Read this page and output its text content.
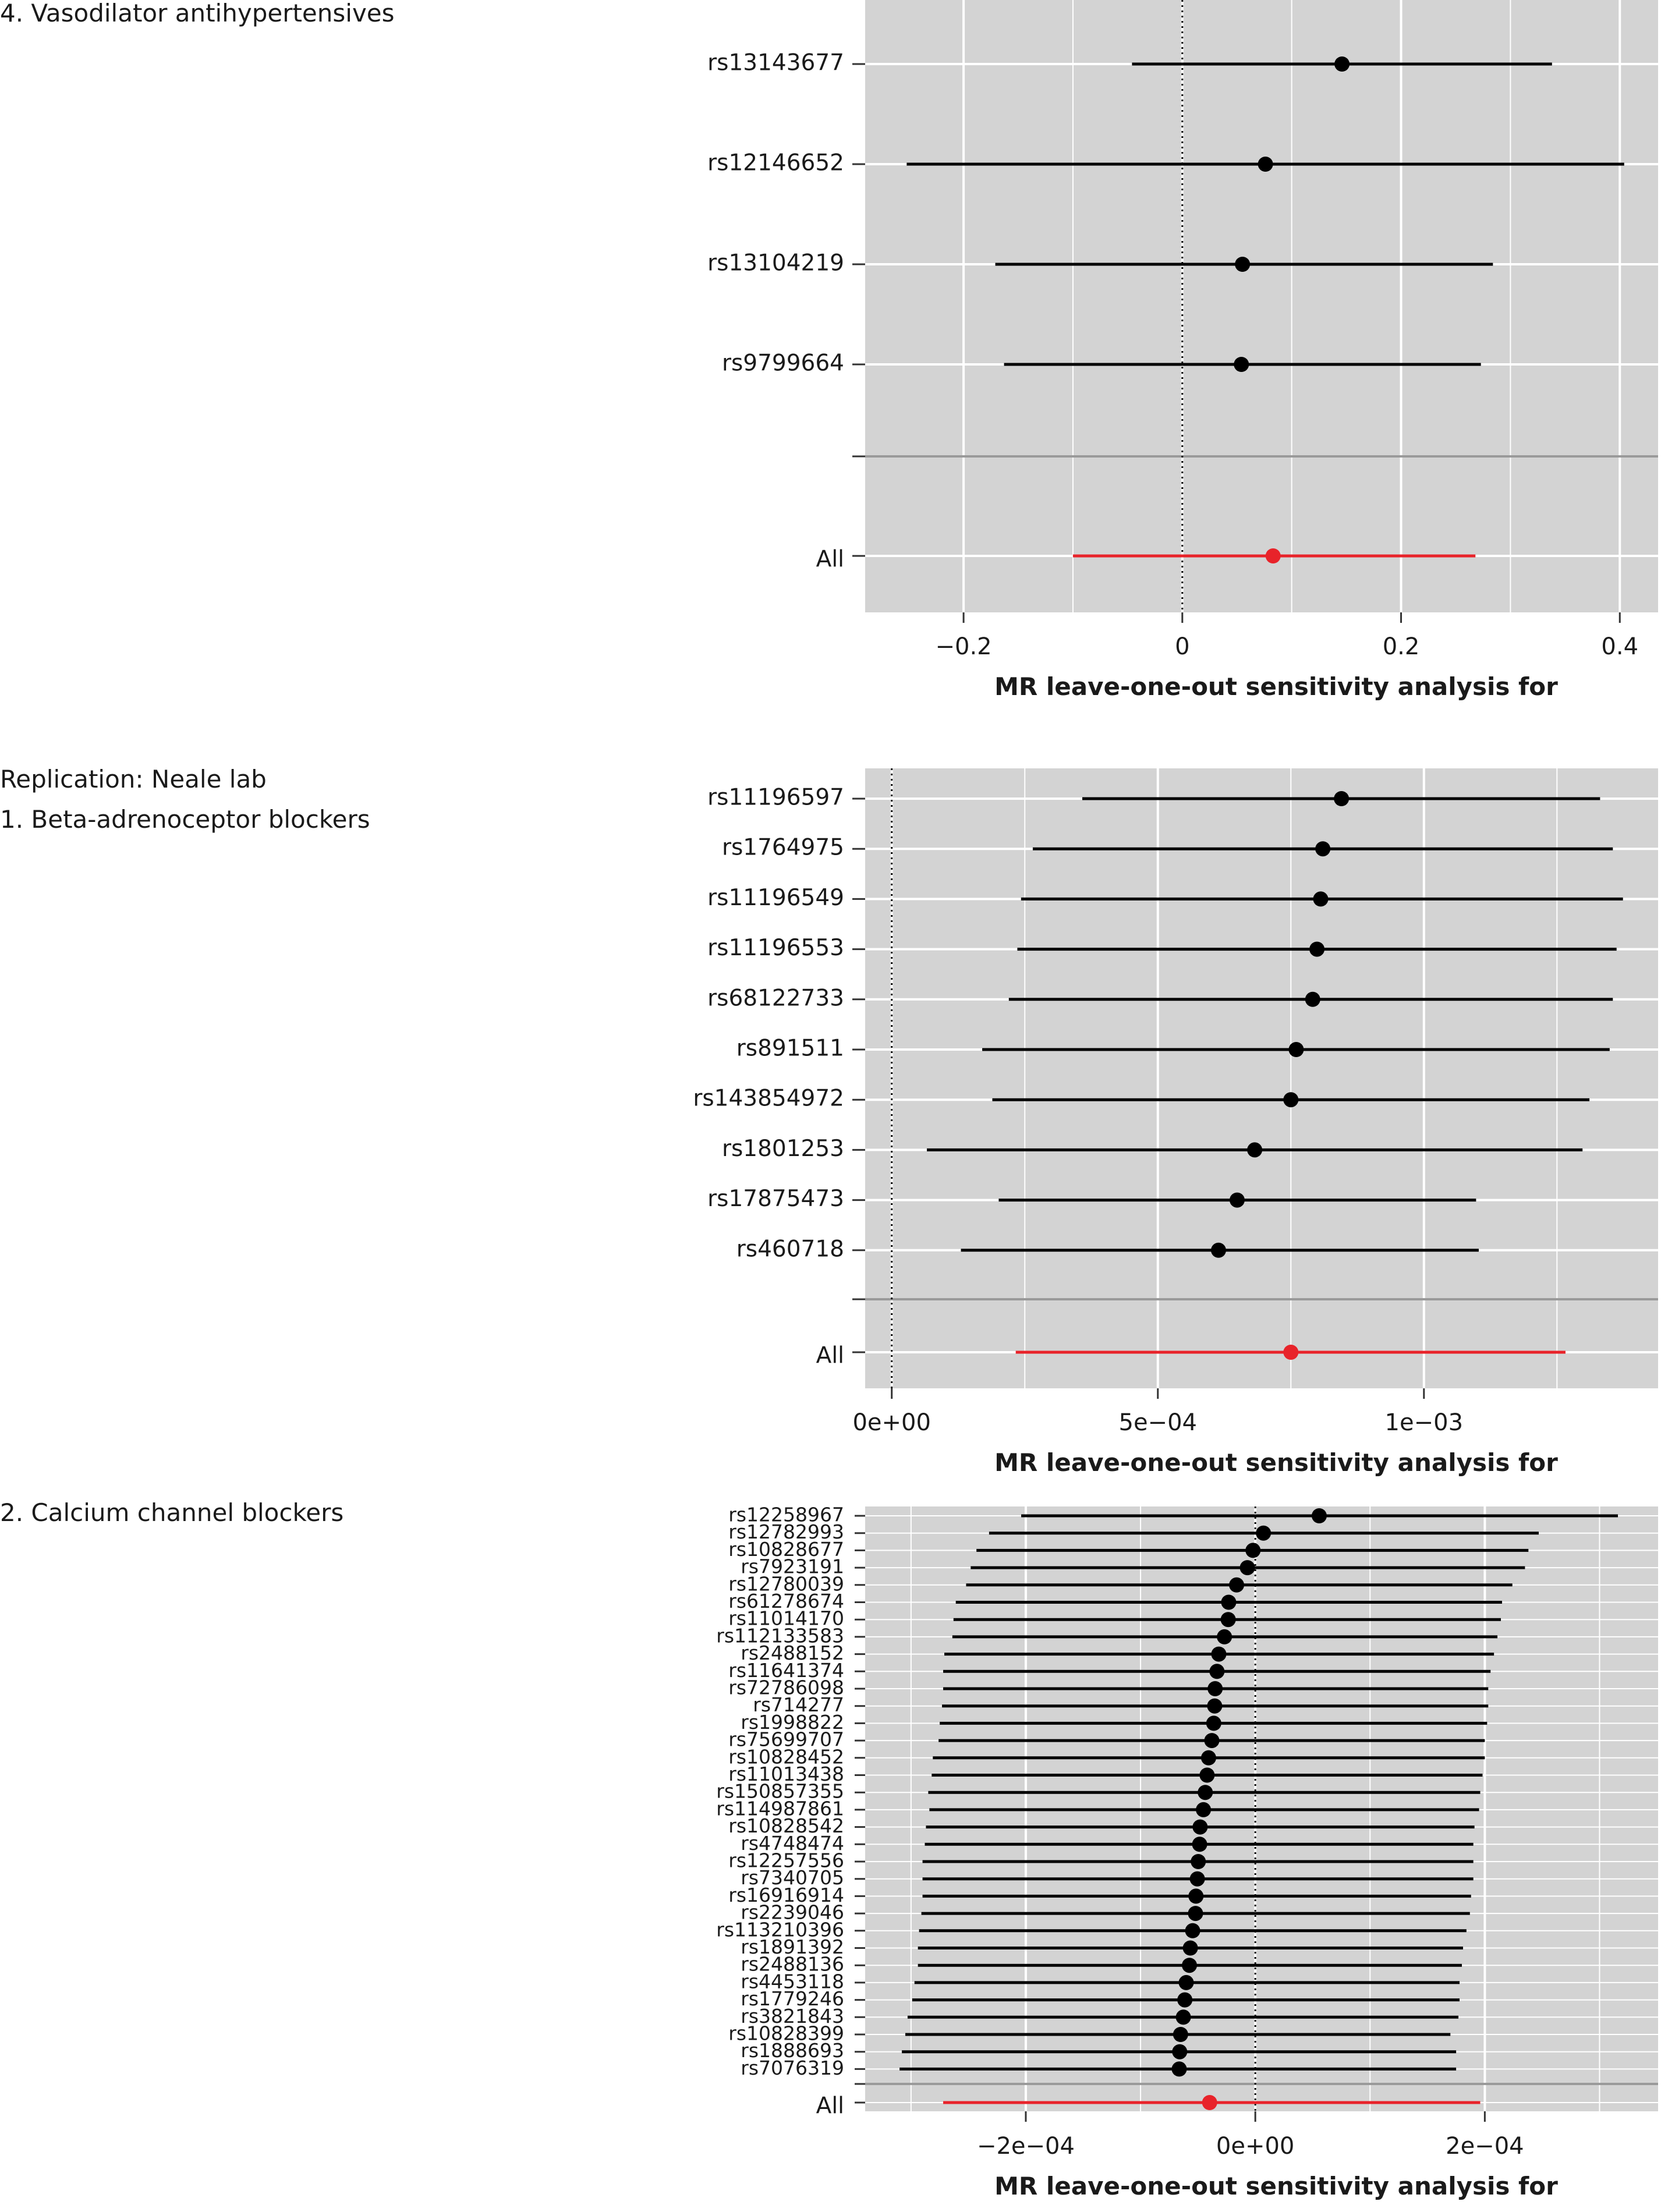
4. Vasodilator antihypertensives
Replication: Neale lab
1. Beta-adrenoceptor blockers
2. Calcium channel blockers
rs13143677
rs12146652
rs13104219
rs9799664
All
−0.2	0	0.2	0.4
MR leave-one-out sensitivity analysis for
rs11196597
rs1764975
rs11196549
rs11196553
rs68122733
rs891511
rs143854972
rs1801253
rs17875473
rs460718
All
0e+00	5e−04	1e−03
MR leave-one-out sensitivity analysis for
rs12258967
rs12782993
rs10828677
rs7923191
rs12780039
rs61278674
rs11014170
rs112133583
rs2488152
rs11641374
rs72786098
rs714277
rs1998822
rs75699707
rs10828452
rs11013438
rs150857355
rs114987861
rs10828542
rs4748474
rs12257556
rs7340705
rs16916914
rs2239046
rs113210396
rs1891392
rs2488136
rs4453118
rs1779246
rs3821843
rs10828399
rs1888693
rs7076319
All
−2e−04	0e+00	2e−04
MR leave-one-out sensitivity analysis for
